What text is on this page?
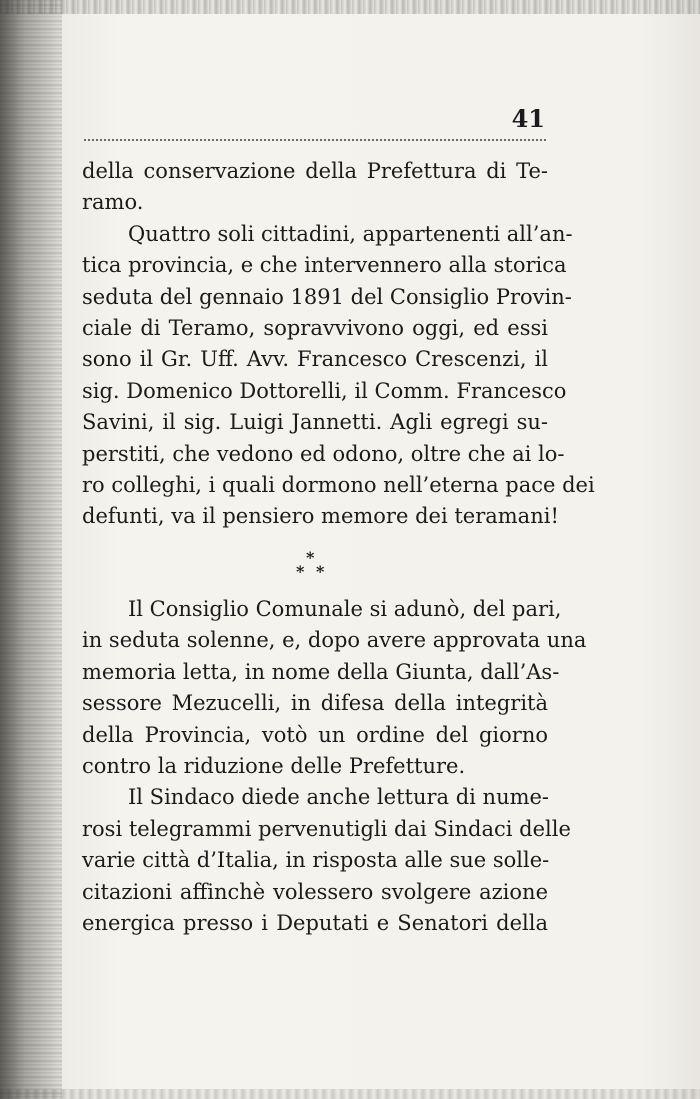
41
della conservazione della Prefettura di Te-
ramo.
Quattro soli cittadini, appartenenti all’an-
tica provincia, e che intervennero alla storica
seduta del gennaio 1891 del Consiglio Provin-
ciale di Teramo, sopravvivono oggi, ed essi
sono il Gr. Uff. Avv. Francesco Crescenzi, il
sig. Domenico Dottorelli, il Comm. Francesco
Savini, il sig. Luigi Jannetti. Agli egregi su-
perstiti, che vedono ed odono, oltre che ai lo-
ro colleghi, i quali dormono nell’eterna pace dei
defunti, va il pensiero memore dei teramani!
*
* *
Il Consiglio Comunale si adunò, del pari,
in seduta solenne, e, dopo avere approvata una
memoria letta, in nome della Giunta, dall’As-
sessore Mezucelli, in difesa della integrità
della Provincia, votò un ordine del giorno
contro la riduzione delle Prefetture.
Il Sindaco diede anche lettura di nume-
rosi telegrammi pervenutigli dai Sindaci delle
varie città d’Italia, in risposta alle sue solle-
citazioni affinchè volessero svolgere azione
energica presso i Deputati e Senatori della
